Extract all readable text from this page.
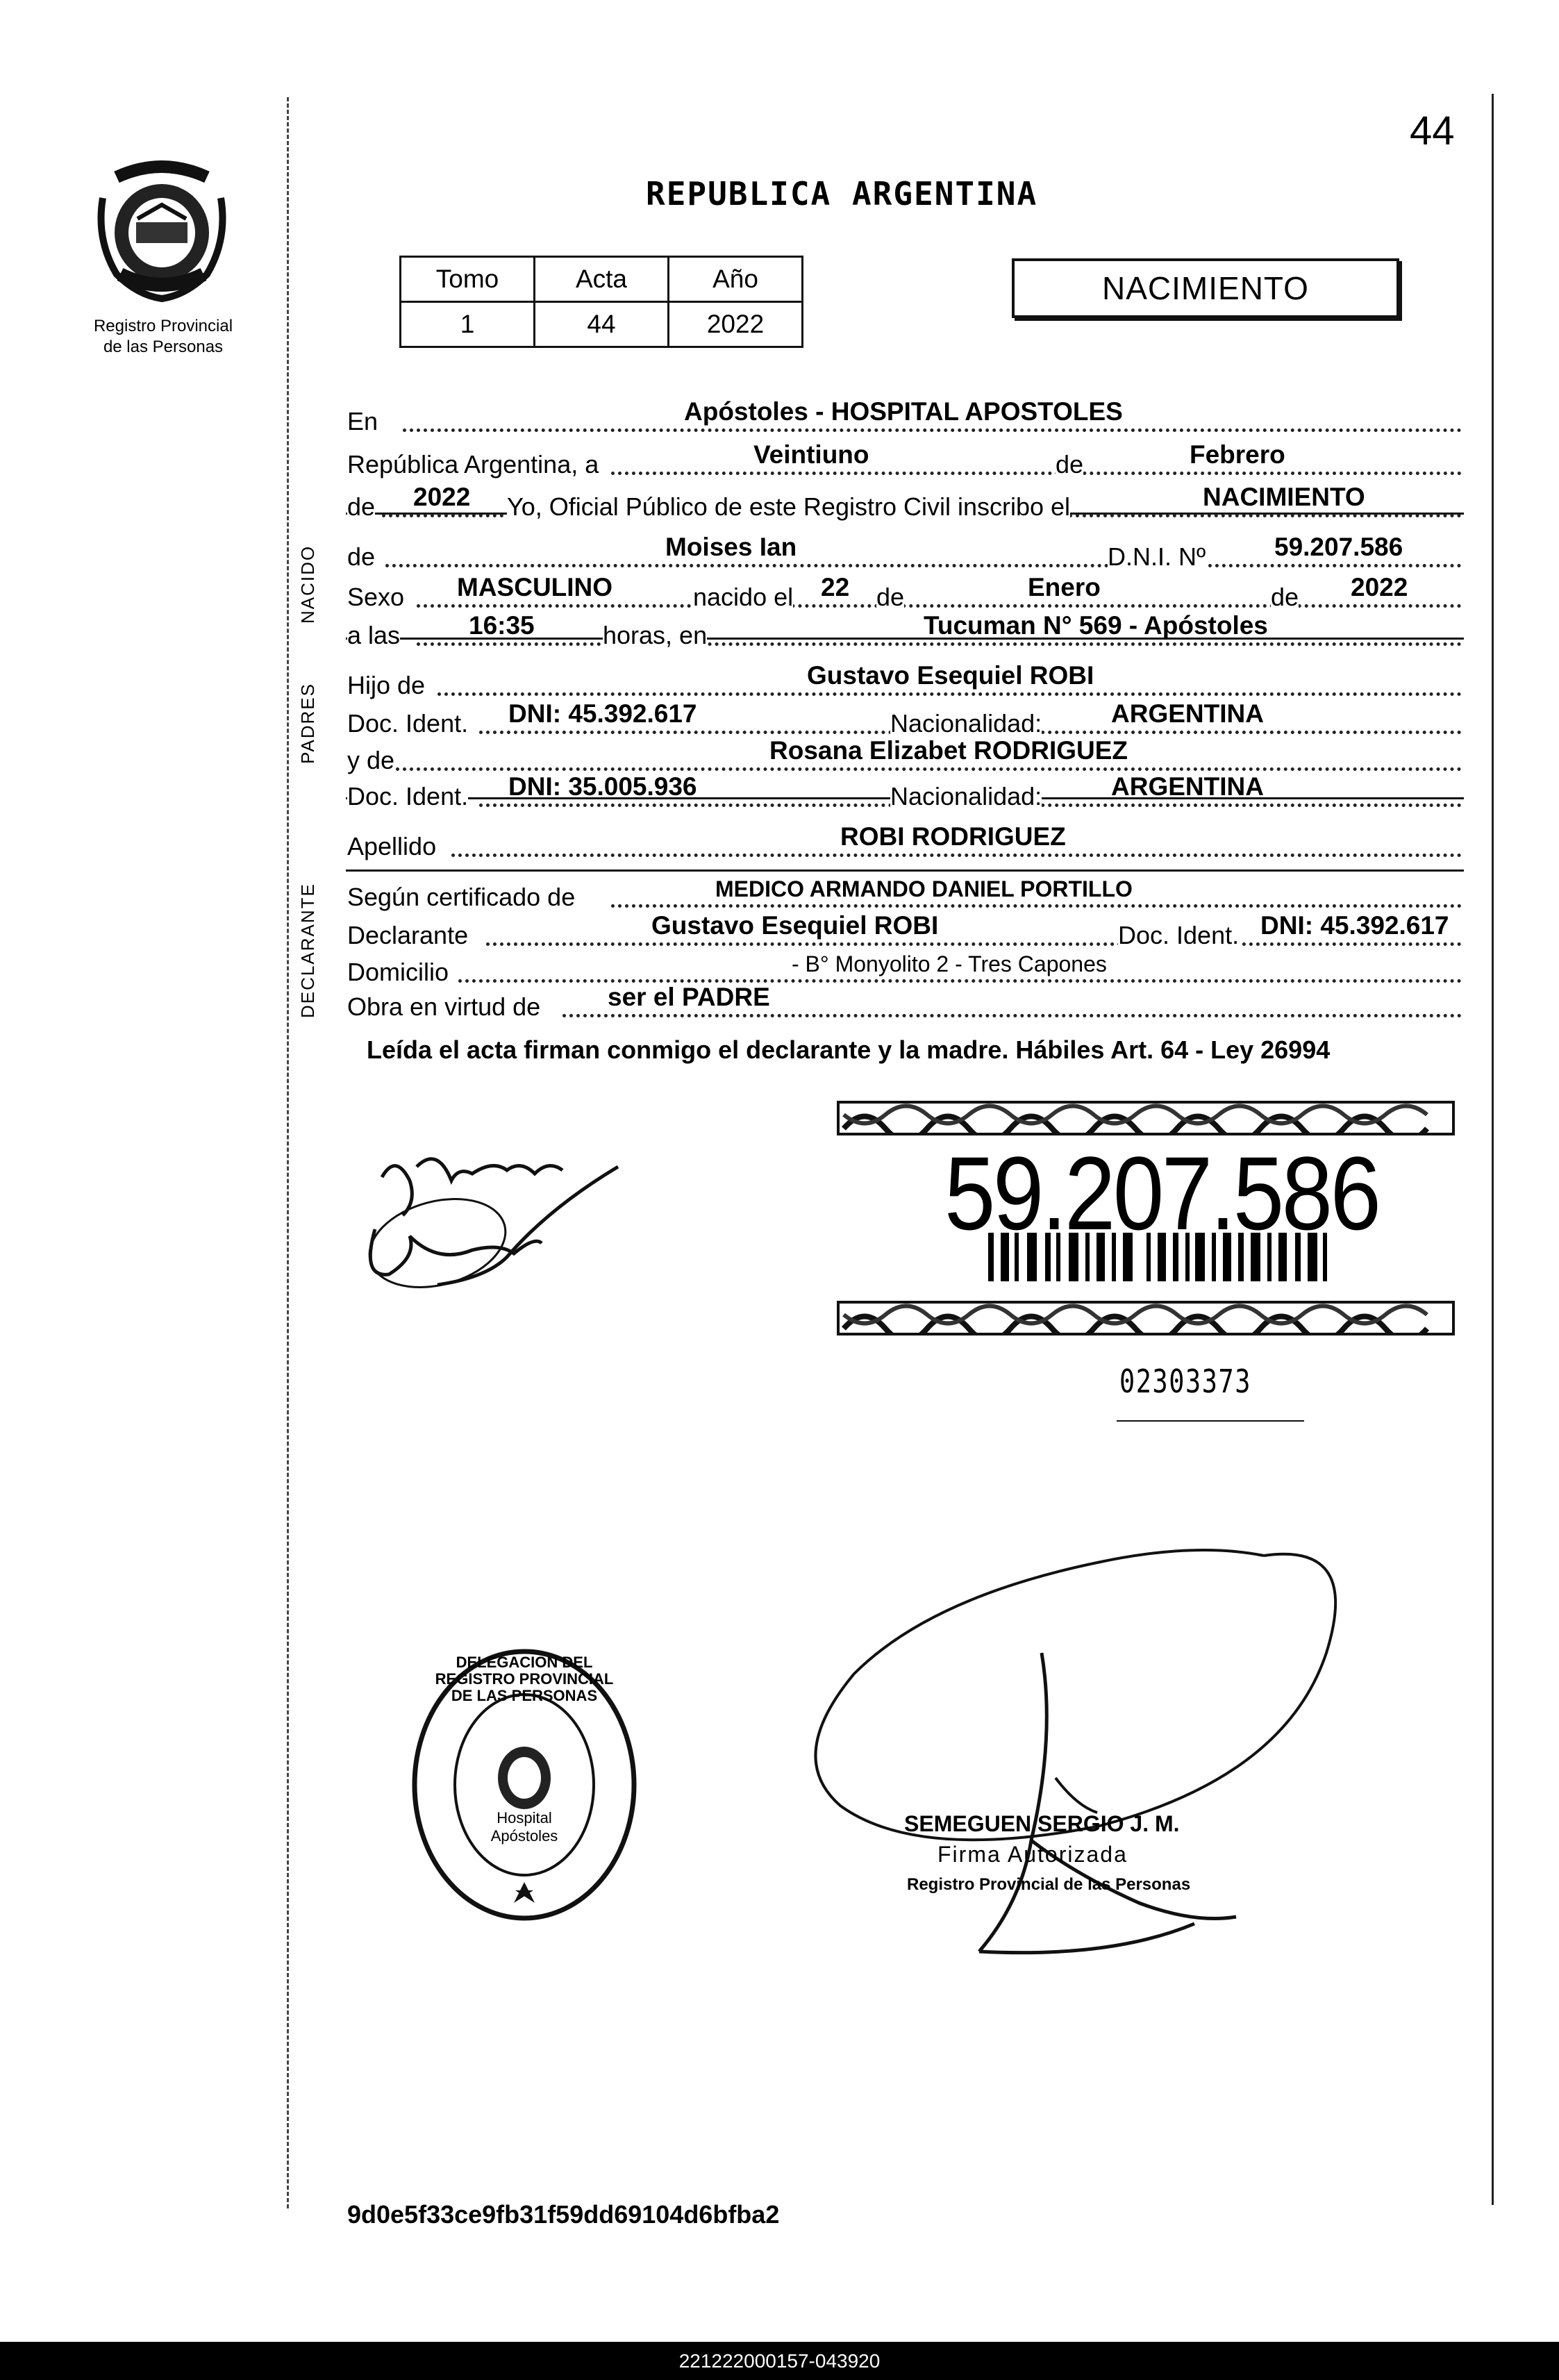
44
REPUBLICA ARGENTINA
Registro Provincial
de las Personas
Tomo	Acta	Año
1	44	2022
NACIMIENTO
NACIDO
PADRES
DECLARANTE
En	Apóstoles - HOSPITAL APOSTOLES
República Argentina, a	Veintiuno	de	Febrero
de 2022 Yo, Oficial Público de este Registro Civil inscribo el	NACIMIENTO
de	Moises Ian	D.N.I. Nº	59.207.586
Sexo MASCULINO	nacido el 22 de	Enero	de 2022
a las	16:35	horas, en	Tucuman N° 569 - Apóstoles
Hijo de	Gustavo Esequiel ROBI
Doc. Ident. DNI: 45.392.617	Nacionalidad:	ARGENTINA
y de	Rosana Elizabet RODRIGUEZ
Doc. Ident. DNI: 35.005.936	Nacionalidad:	ARGENTINA
Apellido	ROBI RODRIGUEZ
Según certificado de	MEDICO ARMANDO DANIEL PORTILLO
Declarante	Gustavo Esequiel ROBI	Doc. Ident. DNI: 45.392.617
Domicilio	- B° Monyolito 2 - Tres Capones
Obra en virtud de	ser el PADRE
Leída el acta firman conmigo el declarante y la madre. Hábiles Art. 64 - Ley 26994
59.207.586
02303373
DELEGACION DEL REGISTRO PROVINCIAL DE LAS PERSONAS
Hospital Apóstoles	SEMEGUEN SERGIO J. M.
Firma Autorizada
Registro Provincial de las Personas
9d0e5f33ce9fb31f59dd69104d6bfba2
221222000157-043920
